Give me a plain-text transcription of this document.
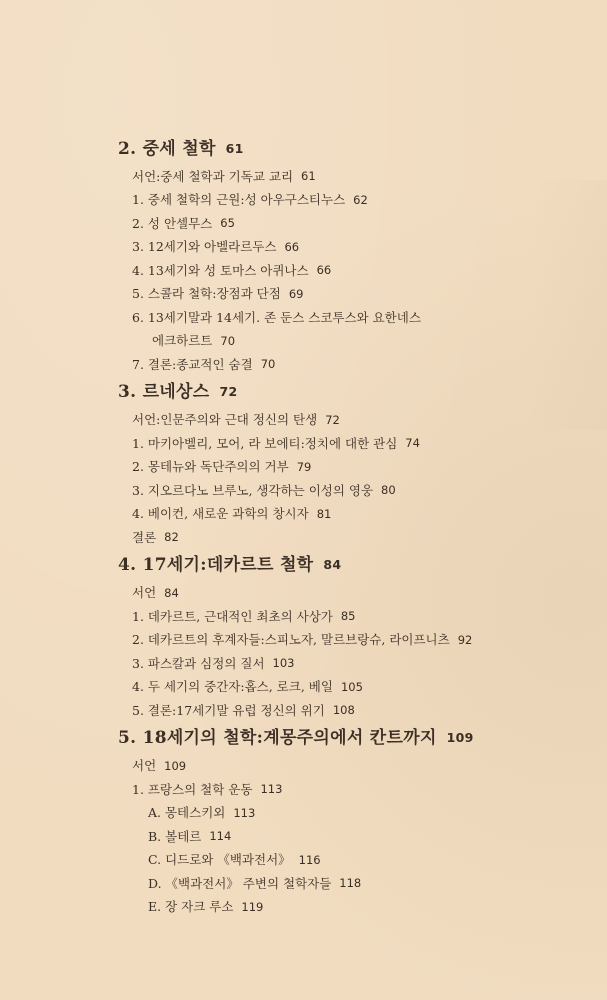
2. 중세 철학 61
서언:중세 철학과 기독교 교리 61
1. 중세 철학의 근원:성 아우구스티누스 62
2. 성 안셀무스 65
3. 12세기와 아벨라르두스 66
4. 13세기와 성 토마스 아퀴나스 66
5. 스콜라 철학:장점과 단점 69
6. 13세기말과 14세기. 존 둔스 스코투스와 요한네스
에크하르트 70
7. 결론:종교적인 숨결 70
3. 르네상스 72
서언:인문주의와 근대 정신의 탄생 72
1. 마키아벨리, 모어, 라 보에티:정치에 대한 관심 74
2. 몽테뉴와 독단주의의 거부 79
3. 지오르다노 브루노, 생각하는 이성의 영웅 80
4. 베이컨, 새로운 과학의 창시자 81
결론 82
4. 17세기:데카르트 철학 84
서언 84
1. 데카르트, 근대적인 최초의 사상가 85
2. 데카르트의 후계자들:스피노자, 말르브랑슈, 라이프니츠 92
3. 파스칼과 심정의 질서 103
4. 두 세기의 중간자:홉스, 로크, 베일 105
5. 결론:17세기말 유럽 정신의 위기 108
5. 18세기의 철학:계몽주의에서 칸트까지 109
서언 109
1. 프랑스의 철학 운동 113
A. 몽테스키외 113
B. 볼테르 114
C. 디드로와 《백과전서》 116
D. 《백과전서》 주변의 철학자들 118
E. 장 자크 루소 119
